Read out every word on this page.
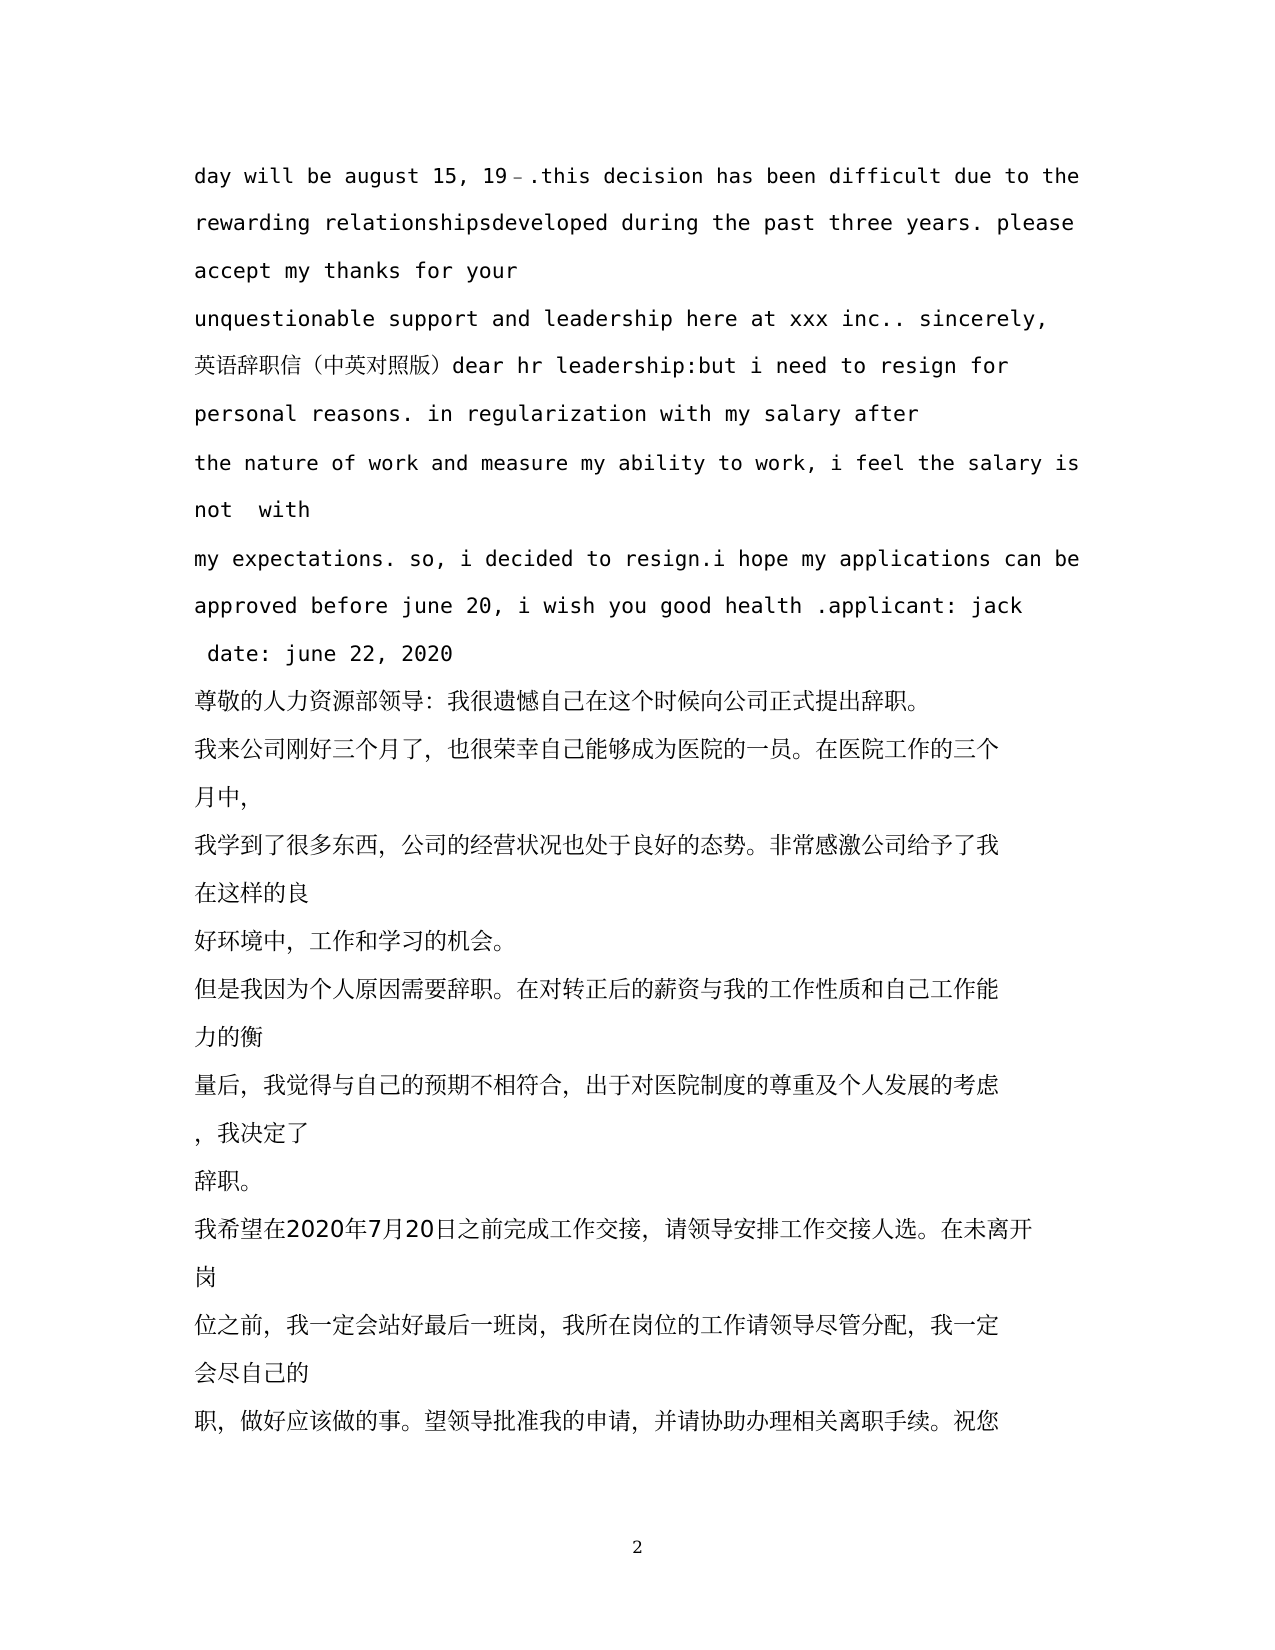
day will be august 15, 19﹣.this decision has been difficult due to the
rewarding relationshipsdeveloped during the past three years. please
accept my thanks for your
unquestionable support and leadership here at xxx inc.. sincerely,
英语辞职信（中英对照版）dear hr leadership:but i need to resign for
personal reasons. in regularization with my salary after
the nature of work and measure my ability to work, i feel the salary is
not  with
my expectations. so, i decided to resign.i hope my applications can be
approved before june 20, i wish you good health .applicant: jack
date: june 22, 2020
尊敬的人力资源部领导：我很遗憾自己在这个时候向公司正式提出辞职。
我来公司刚好三个月了，也很荣幸自己能够成为医院的一员。在医院工作的三个
月中，
我学到了很多东西，公司的经营状况也处于良好的态势。非常感激公司给予了我
在这样的良
好环境中，工作和学习的机会。
但是我因为个人原因需要辞职。在对转正后的薪资与我的工作性质和自己工作能
力的衡
量后，我觉得与自己的预期不相符合，出于对医院制度的尊重及个人发展的考虑
，我决定了
辞职。
我希望在2020年7月20日之前完成工作交接，请领导安排工作交接人选。在未离开
岗
位之前，我一定会站好最后一班岗，我所在岗位的工作请领导尽管分配，我一定
会尽自己的
职，做好应该做的事。望领导批准我的申请，并请协助办理相关离职手续。祝您
2
